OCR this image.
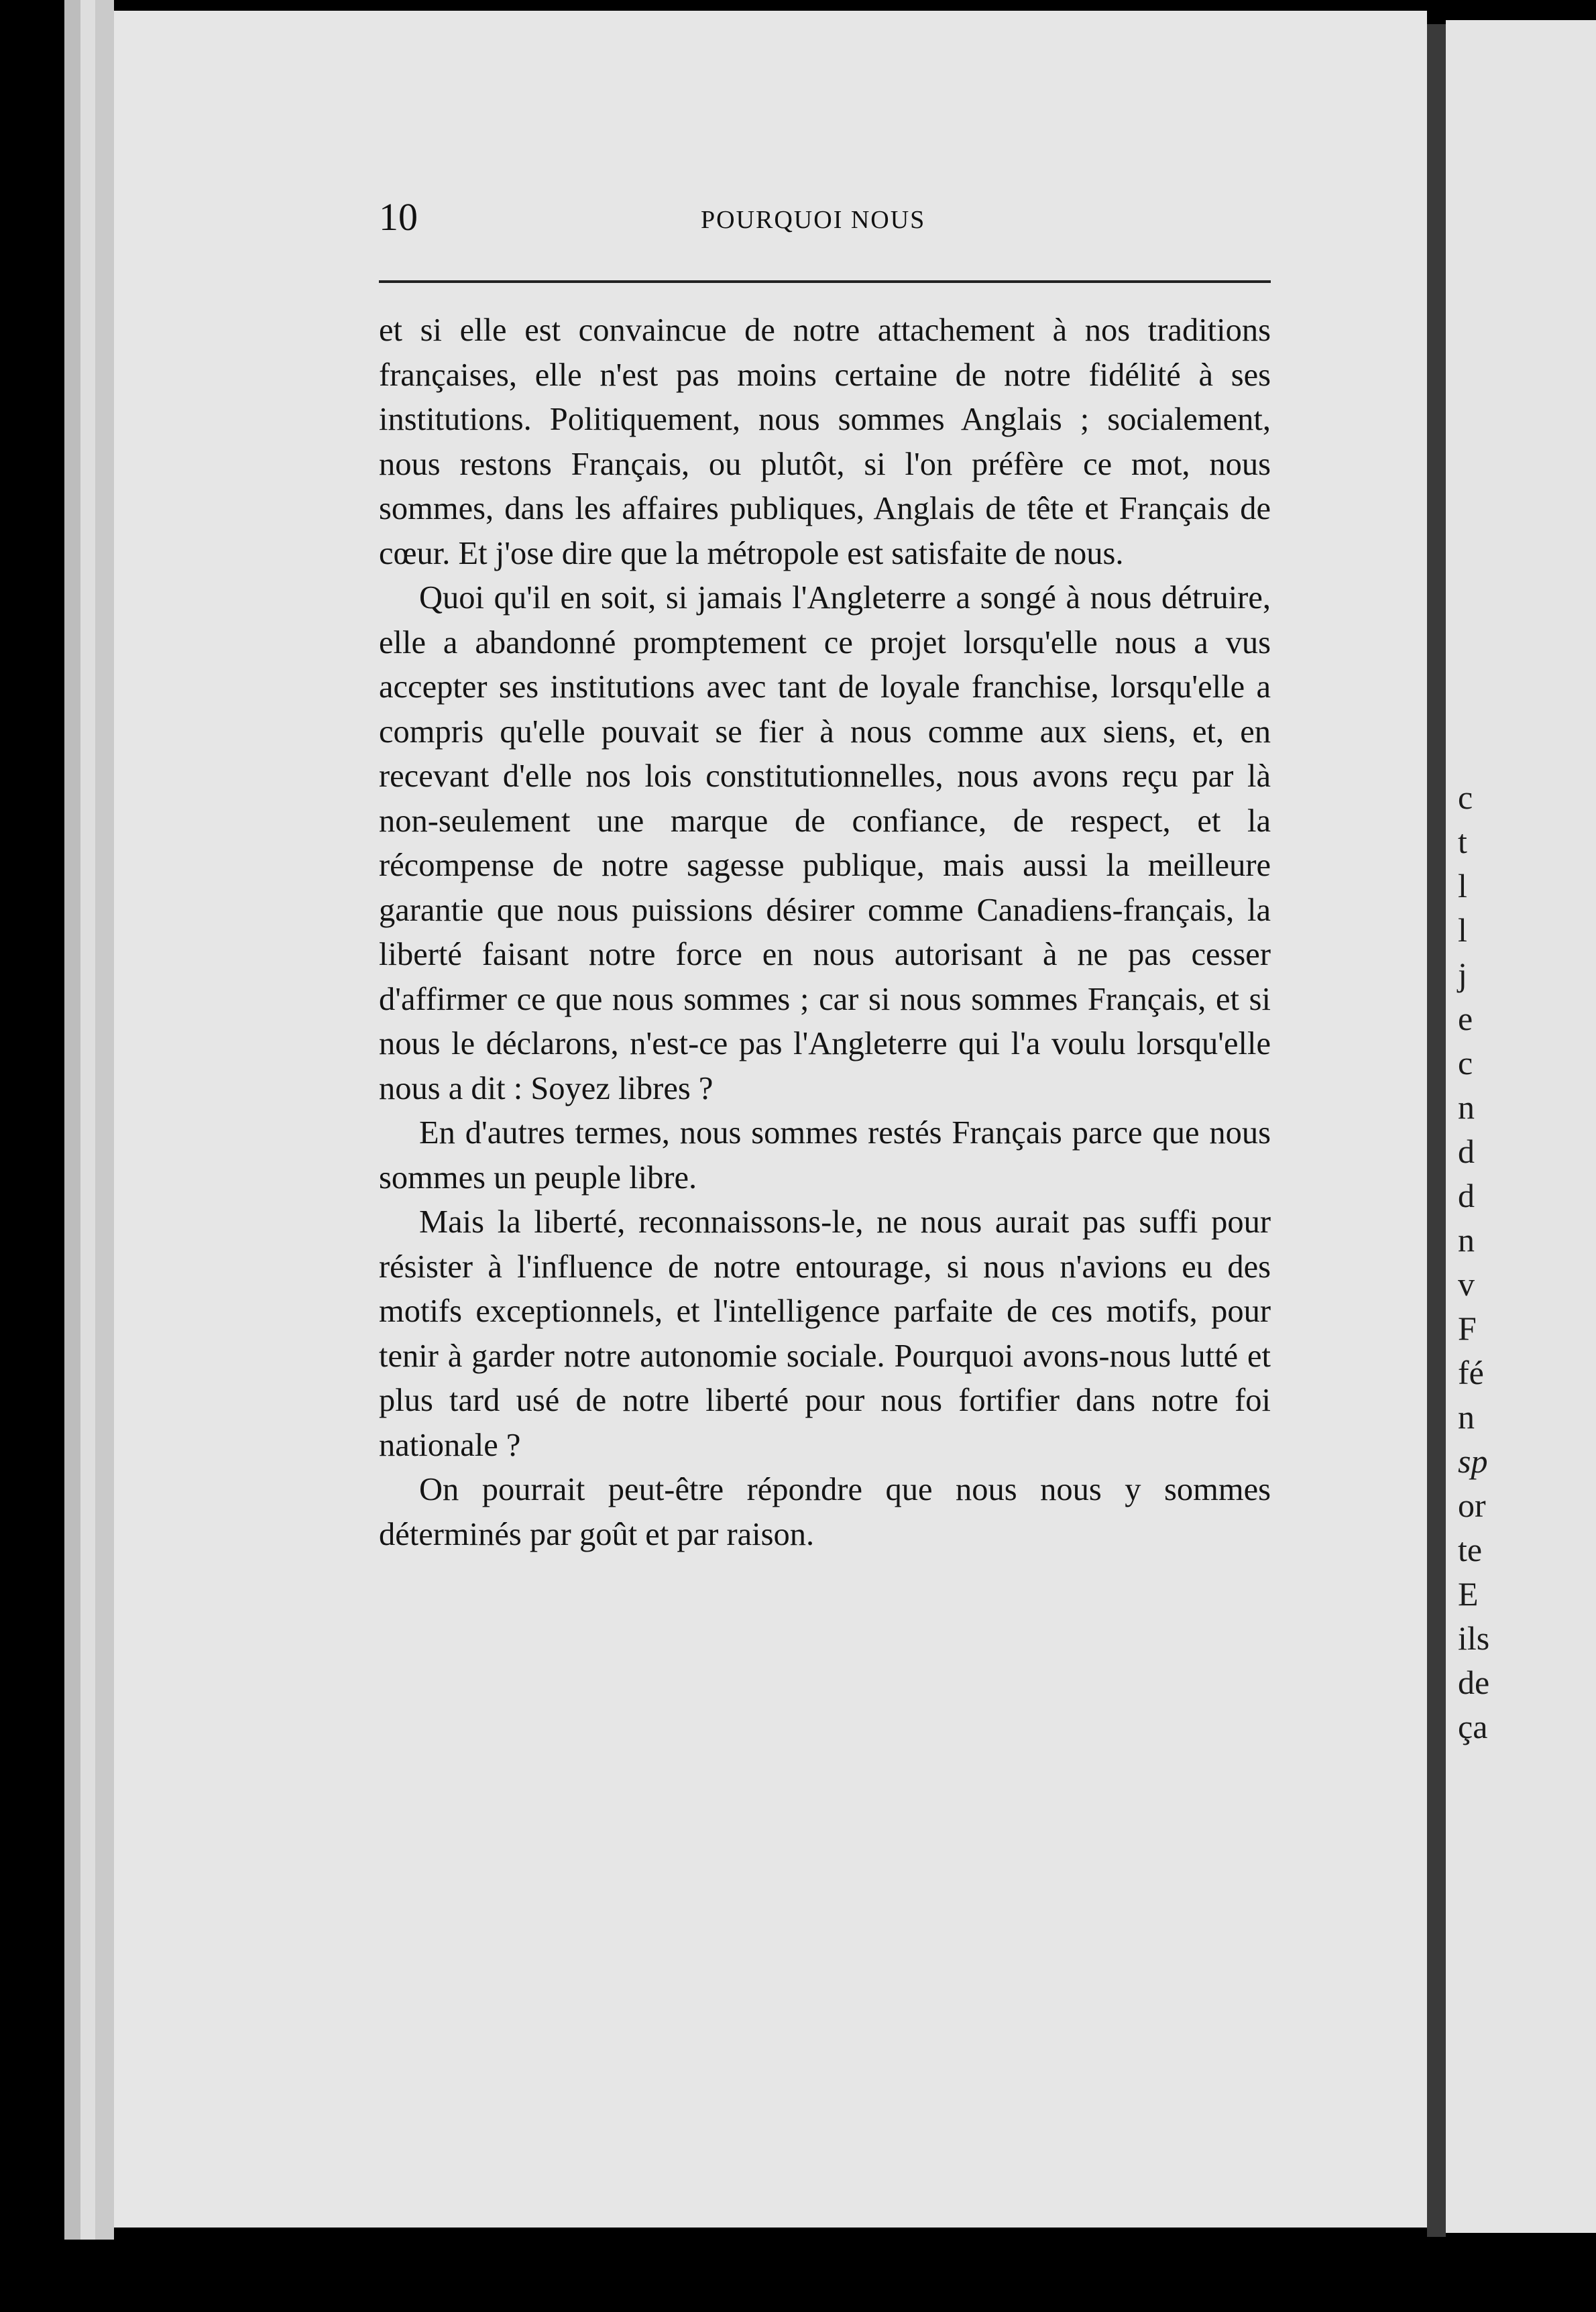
10	POURQUOI NOUS

et si elle est convaincue de notre attachement à nos traditions françaises, elle n'est pas moins certaine de notre fidélité à ses institutions. Politiquement, nous sommes Anglais ; socialement, nous restons Français, ou plutôt, si l'on préfère ce mot, nous sommes, dans les affaires publiques, Anglais de tête et Français de cœur. Et j'ose dire que la métropole est satisfaite de nous.

Quoi qu'il en soit, si jamais l'Angleterre a songé à nous détruire, elle a abandonné promptement ce projet lorsqu'elle nous a vus accepter ses institutions avec tant de loyale franchise, lorsqu'elle a compris qu'elle pouvait se fier à nous comme aux siens, et, en recevant d'elle nos lois constitutionnelles, nous avons reçu par là non-seulement une marque de confiance, de respect, et la récompense de notre sagesse publique, mais aussi la meilleure garantie que nous puissions désirer comme Canadiens-français, la liberté faisant notre force en nous autorisant à ne pas cesser d'affirmer ce que nous sommes ; car si nous sommes Français, et si nous le déclarons, n'est-ce pas l'Angleterre qui l'a voulu lorsqu'elle nous a dit : Soyez libres ?

En d'autres termes, nous sommes restés Français parce que nous sommes un peuple libre.

Mais la liberté, reconnaissons-le, ne nous aurait pas suffi pour résister à l'influence de notre entourage, si nous n'avions eu des motifs exceptionnels, et l'intelligence parfaite de ces motifs, pour tenir à garder notre autonomie sociale. Pourquoi avons-nous lutté et plus tard usé de notre liberté pour nous fortifier dans notre foi nationale ?

On pourrait peut-être répondre que nous nous y sommes déterminés par goût et par raison.

c
t
l
l
j
e
c
n
d
d
n
v
F
fé
n
sp
or
te
E
ils
de
ça
